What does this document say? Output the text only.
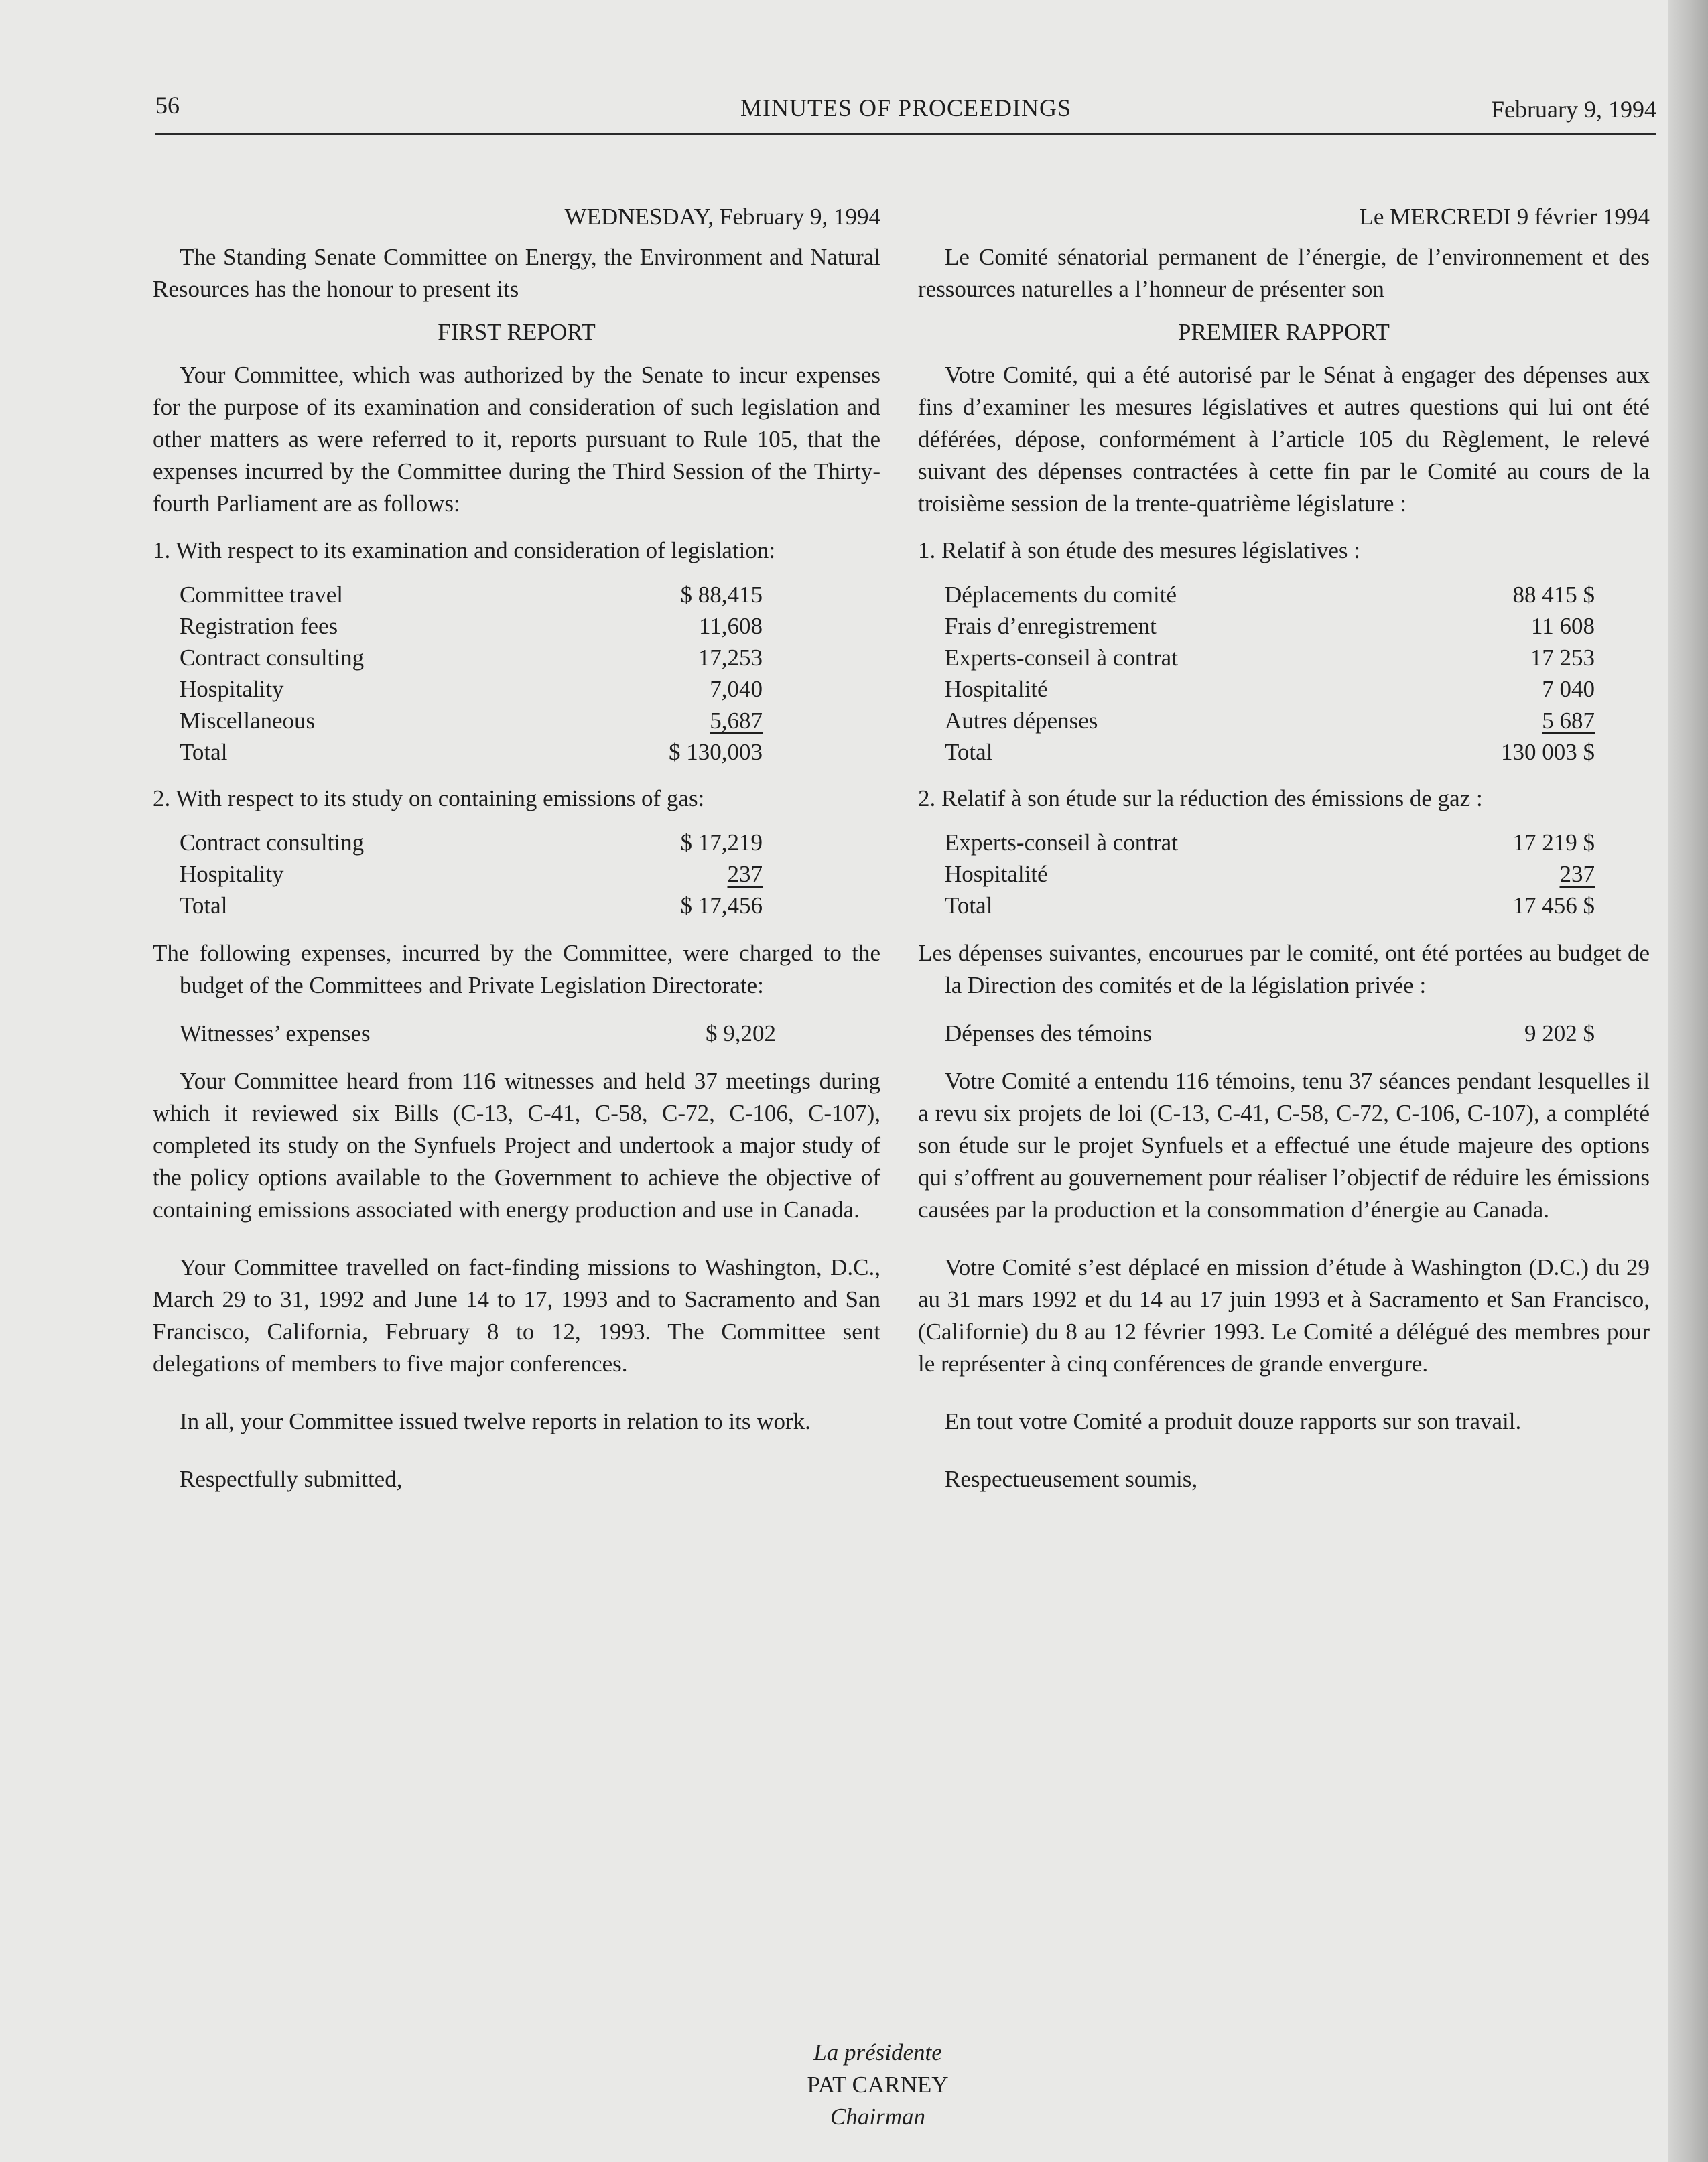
56	MINUTES OF PROCEEDINGS	February 9, 1994

WEDNESDAY, February 9, 1994

The Standing Senate Committee on Energy, the Environment and Natural Resources has the honour to present its

FIRST REPORT

Your Committee, which was authorized by the Senate to incur expenses for the purpose of its examination and consideration of such legislation and other matters as were referred to it, reports pursuant to Rule 105, that the expenses incurred by the Committee during the Third Session of the Thirty-fourth Parliament are as follows:

1. With respect to its examination and consideration of legislation:

Committee travel	$ 88,415
Registration fees	11,608
Contract consulting	17,253
Hospitality	7,040
Miscellaneous	5,687
Total	$ 130,003

2. With respect to its study on containing emissions of gas:

Contract consulting	$ 17,219
Hospitality	237
Total	$ 17,456

The following expenses, incurred by the Committee, were charged to the budget of the Committees and Private Legislation Directorate:

Witnesses’ expenses	$ 9,202

Your Committee heard from 116 witnesses and held 37 meetings during which it reviewed six Bills (C-13, C-41, C-58, C-72, C-106, C-107), completed its study on the Synfuels Project and undertook a major study of the policy options available to the Government to achieve the objective of containing emissions associated with energy production and use in Canada.

Your Committee travelled on fact-finding missions to Washington, D.C., March 29 to 31, 1992 and June 14 to 17, 1993 and to Sacramento and San Francisco, California, February 8 to 12, 1993. The Committee sent delegations of members to five major conferences.

In all, your Committee issued twelve reports in relation to its work.

Respectfully submitted,

Le MERCREDI 9 février 1994

Le Comité sénatorial permanent de l’énergie, de l’environnement et des ressources naturelles a l’honneur de présenter son

PREMIER RAPPORT

Votre Comité, qui a été autorisé par le Sénat à engager des dépenses aux fins d’examiner les mesures législatives et autres questions qui lui ont été déférées, dépose, conformément à l’article 105 du Règlement, le relevé suivant des dépenses contractées à cette fin par le Comité au cours de la troisième session de la trente-quatrième législature :

1. Relatif à son étude des mesures législatives :

Déplacements du comité	88 415 $
Frais d’enregistrement	11 608
Experts-conseil à contrat	17 253
Hospitalité	7 040
Autres dépenses	5 687
Total	130 003 $

2. Relatif à son étude sur la réduction des émissions de gaz :

Experts-conseil à contrat	17 219 $
Hospitalité	237
Total	17 456 $

Les dépenses suivantes, encourues par le comité, ont été portées au budget de la Direction des comités et de la législation privée :

Dépenses des témoins	9 202 $

Votre Comité a entendu 116 témoins, tenu 37 séances pendant lesquelles il a revu six projets de loi (C-13, C-41, C-58, C-72, C-106, C-107), a complété son étude sur le projet Synfuels et a effectué une étude majeure des options qui s’offrent au gouvernement pour réaliser l’objectif de réduire les émissions causées par la production et la consommation d’énergie au Canada.

Votre Comité s’est déplacé en mission d’étude à Washington (D.C.) du 29 au 31 mars 1992 et du 14 au 17 juin 1993 et à Sacramento et San Francisco, (Californie) du 8 au 12 février 1993. Le Comité a délégué des membres pour le représenter à cinq conférences de grande envergure.

En tout votre Comité a produit douze rapports sur son travail.

Respectueusement soumis,

La présidente
PAT CARNEY
Chairman
